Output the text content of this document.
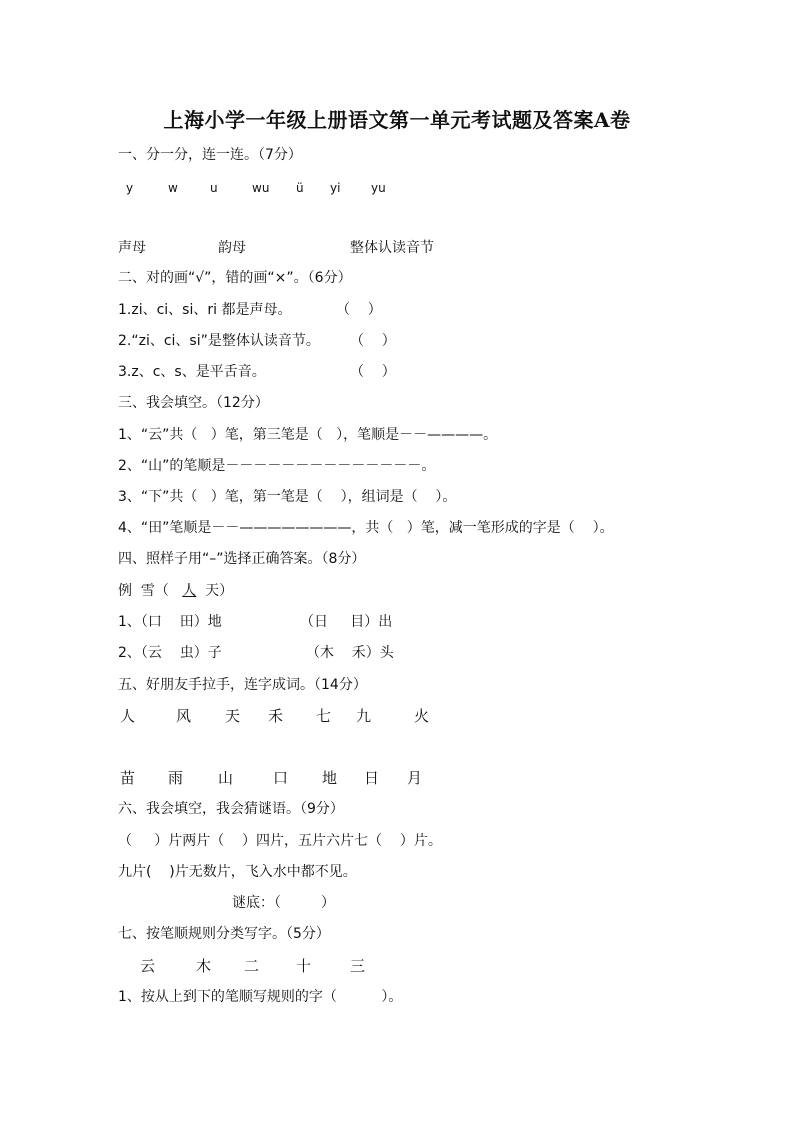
上海小学一年级上册语文第一单元考试题及答案A卷
一、分一分，连一连。（7分）
y	w	u	wu ü yi	yu
声母	韵母	整体认读音节
二、对的画“√”，错的画“×”。（6分）
1.zi、ci、si、ri 都是声母。	（    ）
2.“zi、ci、si”是整体认读音节。 （    ）
3.z、c、s、是平舌音。	（    ）
三、我会填空。（12分）
1、“云”共（   ）笔，第三笔是（   ），笔顺是－－————。
2、“山”的笔顺是－－－－－－－－－－－－－－。
3、“下”共（   ）笔，第一笔是（    ），组词是（    ）。
4、“田”笔顺是－－————————，共（   ）笔，减一笔形成的字是（    ）。
四、照样子用“–”选择正确答案。（8分）
例  雪（   人  天）
1、（口    田）地	（日     目）出
2、（云    虫）子	（木    禾）头
五、好朋友手拉手，连字成词。（14分）
人	风 天 禾 七 九	火
苗 雨 山	口 地 日 月
六、我会填空，我会猜谜语。（9分）
（     ）片两片（    ）四片，五片六片七（    ）片。
九片(    )片无数片，飞入水中都不见。
谜底：（         ）
七、按笔顺规则分类写字。（5分）
云	木 二 十	三
1、按从上到下的笔顺写规则的字（          ）。
